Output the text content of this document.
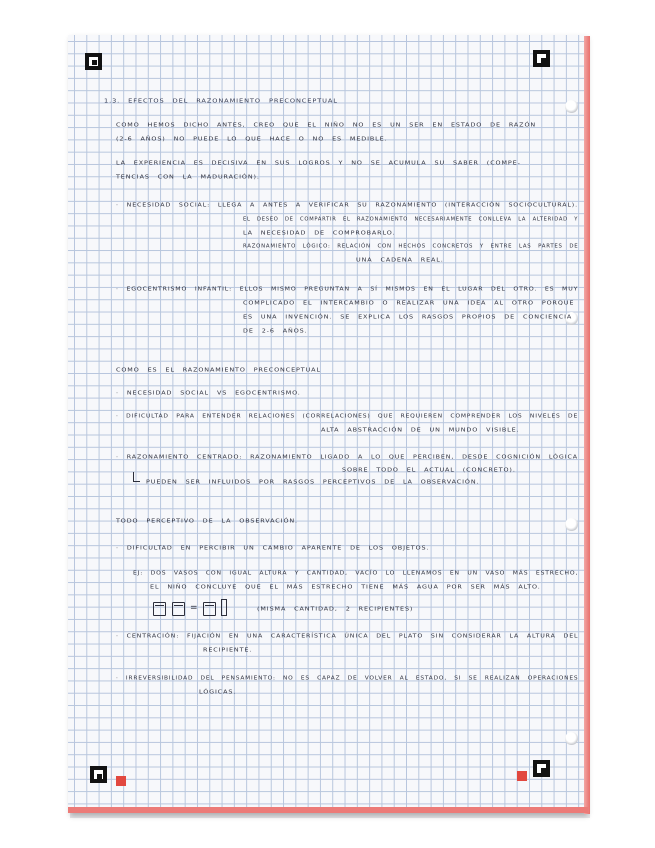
1.3. EFECTOS DEL RAZONAMIENTO PRECONCEPTUAL

COMO HEMOS DICHO ANTES, CREO QUE EL NIÑO NO ES UN SER EN ESTADO DE RAZÓN

(2-6 AÑOS) NO PUEDE LO QUE HACE O NO ES MEDIBLE.

LA EXPERIENCIA ES DECISIVA EN SUS LOGROS Y NO SE ACUMULA SU SABER (COMPE-

TENCIAS CON LA MADURACIÓN).

· NECESIDAD SOCIAL: LLEGA A ANTES A VERIFICAR SU RAZONAMIENTO (INTERACCIÓN SOCIOCULTURAL).

EL DESEO DE COMPARTIR EL RAZONAMIENTO NECESARIAMENTE CONLLEVA LA ALTERIDAD Y

LA NECESIDAD DE COMPROBARLO.

RAZONAMIENTO LÓGICO: RELACIÓN CON HECHOS CONCRETOS Y ENTRE LAS PARTES DE

UNA CADENA REAL.

· EGOCENTRISMO INFANTIL: ELLOS MISMO PREGUNTAN A SÍ MISMOS EN EL LUGAR DEL OTRO. ES MUY

COMPLICADO EL INTERCAMBIO O REALIZAR UNA IDEA AL OTRO PORQUE

ES UNA INVENCIÓN. SE EXPLICA LOS RASGOS PROPIOS DE CONCIENCIA

DE 2-6 AÑOS.

COMO ES EL RAZONAMIENTO PRECONCEPTUAL

· NECESIDAD SOCIAL VS EGOCENTRISMO.

· DIFICULTAD PARA ENTENDER RELACIONES (CORRELACIONES) QUE REQUIEREN COMPRENDER LOS NIVELES DE

ALTA ABSTRACCIÓN DE UN MUNDO VISIBLE.

· RAZONAMIENTO CENTRADO: RAZONAMIENTO LIGADO A LO QUE PERCIBEN, DESDE COGNICIÓN LÓGICA

SOBRE TODO EL ACTUAL (CONCRETO).

PUEDEN SER INFLUIDOS POR RASGOS PERCEPTIVOS DE LA OBSERVACIÓN.

TODO PERCEPTIVO DE LA OBSERVACIÓN.

· DIFICULTAD EN PERCIBIR UN CAMBIO APARENTE DE LOS OBJETOS.

EJ: DOS VASOS CON IGUAL ALTURA Y CANTIDAD, VACÍO LO LLENAMOS EN UN VASO MÁS ESTRECHO,

EL NIÑO CONCLUYE QUE EL MÁS ESTRECHO TIENE MÁS AGUA POR SER MÁS ALTO.

=	(MISMA CANTIDAD, 2 RECIPIENTES)

· CENTRACIÓN: FIJACIÓN EN UNA CARACTERÍSTICA ÚNICA DEL PLATO SIN CONSIDERAR LA ALTURA DEL

RECIPIENTE.

· IRREVERSIBILIDAD DEL PENSAMIENTO: NO ES CAPAZ DE VOLVER AL ESTADO, SI SE REALIZAN OPERACIONES

LÓGICAS.
